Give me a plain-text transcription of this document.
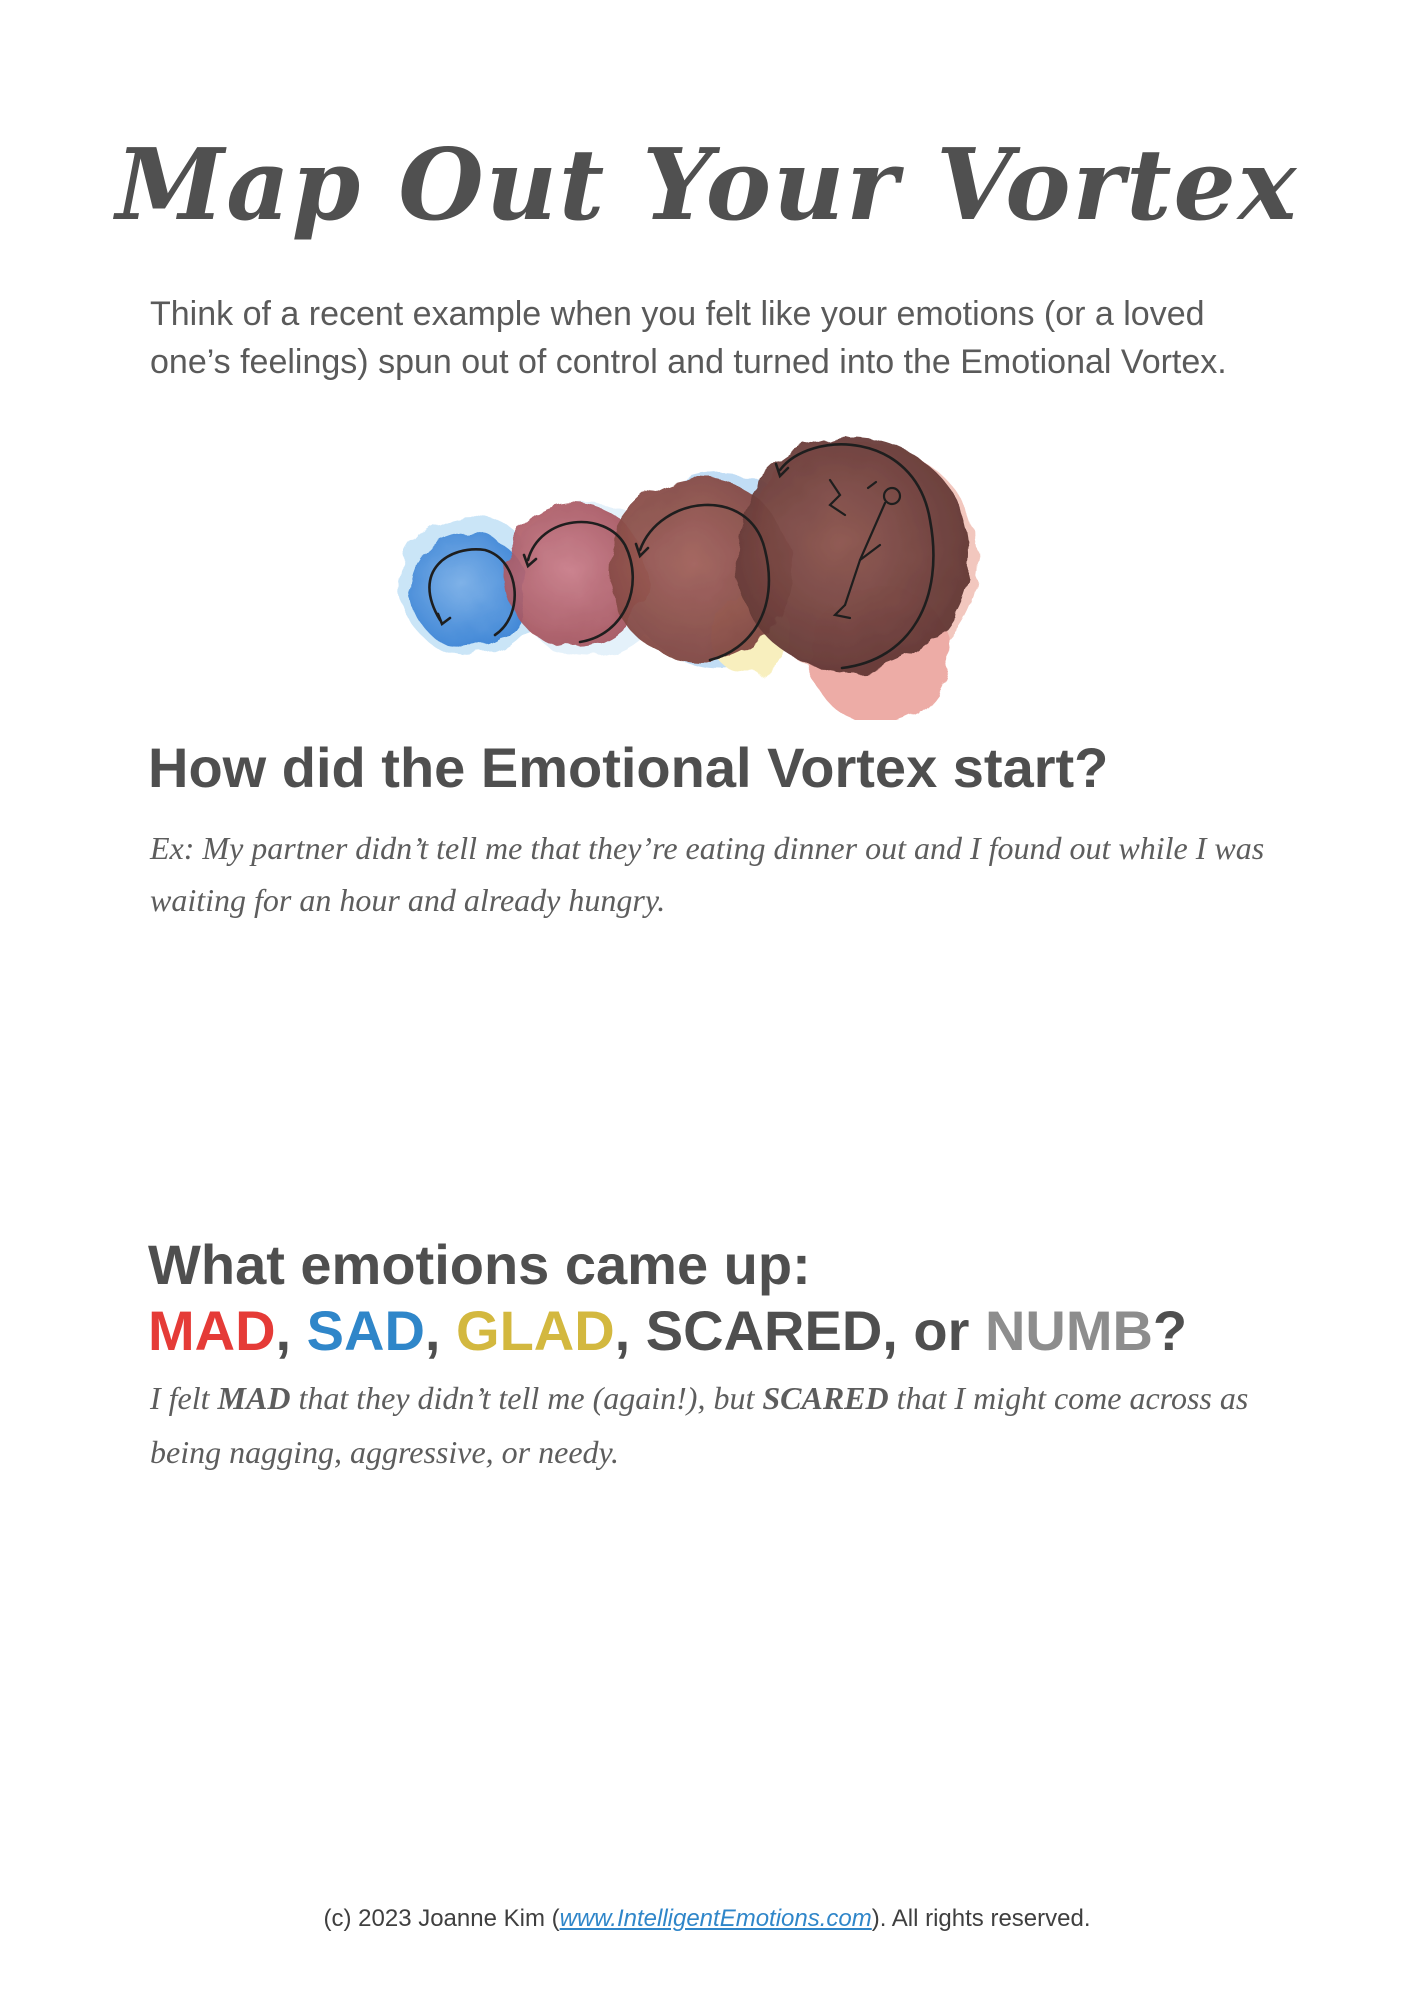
Map Out Your Vortex

Think of a recent example when you felt like your emotions (or a loved one’s feelings) spun out of control and turned into the Emotional Vortex.

How did the Emotional Vortex start?

Ex: My partner didn’t tell me that they’re eating dinner out and I found out while I was waiting for an hour and already hungry.

What emotions came up:
MAD, SAD, GLAD, SCARED, or NUMB?

I felt MAD that they didn’t tell me (again!), but SCARED that I might come across as being nagging, aggressive, or needy.

(c) 2023 Joanne Kim (www.IntelligentEmotions.com). All rights reserved.
